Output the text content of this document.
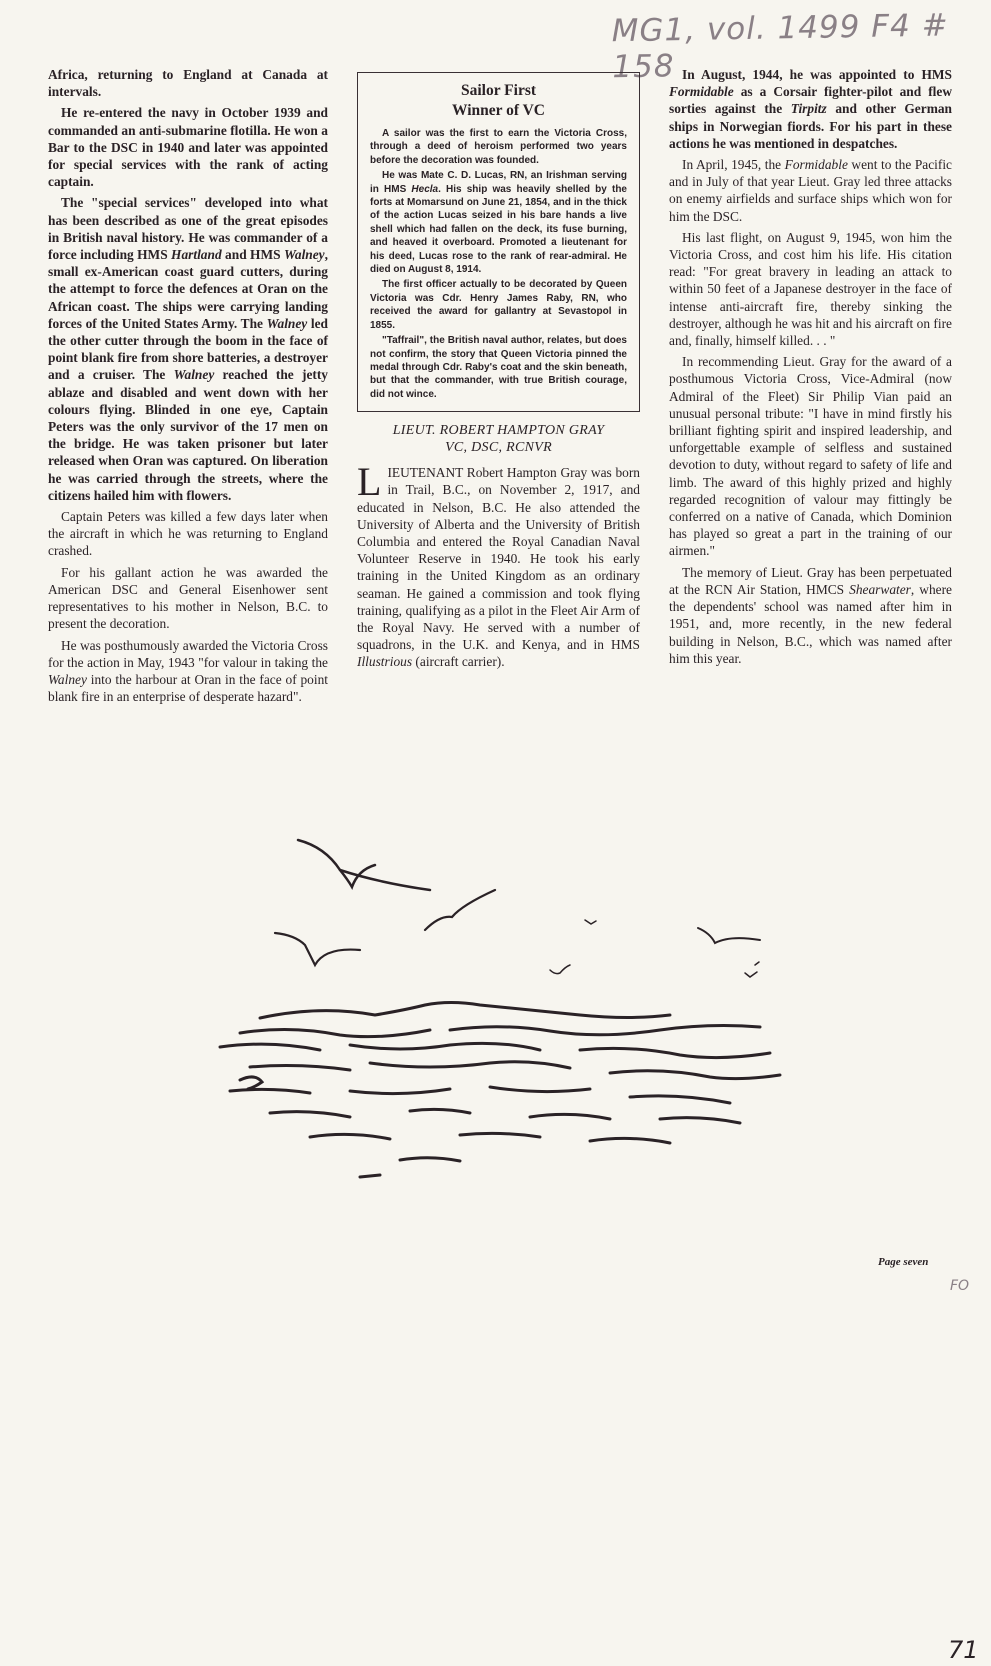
MG1, vol. 1499 F4 # 158

Africa, returning to England at Canada at intervals.

He re-entered the navy in October 1939 and commanded an anti-submarine flotilla. He won a Bar to the DSC in 1940 and later was appointed for special services with the rank of acting captain.

The "special services" developed into what has been described as one of the great episodes in British naval history. He was commander of a force including HMS Hartland and HMS Walney, small ex-American coast guard cutters, during the attempt to force the defences at Oran on the African coast. The ships were carrying landing forces of the United States Army. The Walney led the other cutter through the boom in the face of point blank fire from shore batteries, a destroyer and a cruiser. The Walney reached the jetty ablaze and disabled and went down with her colours flying. Blinded in one eye, Captain Peters was the only survivor of the 17 men on the bridge. He was taken prisoner but later released when Oran was captured. On liberation he was carried through the streets, where the citizens hailed him with flowers.

Captain Peters was killed a few days later when the aircraft in which he was returning to England crashed.

For his gallant action he was awarded the American DSC and General Eisenhower sent representatives to his mother in Nelson, B.C. to present the decoration.

He was posthumously awarded the Victoria Cross for the action in May, 1943 "for valour in taking the Walney into the harbour at Oran in the face of point blank fire in an enterprise of desperate hazard".

Sailor First
Winner of VC

A sailor was the first to earn the Victoria Cross, through a deed of heroism performed two years before the decoration was founded.

He was Mate C. D. Lucas, RN, an Irishman serving in HMS Hecla. His ship was heavily shelled by the forts at Momarsund on June 21, 1854, and in the thick of the action Lucas seized in his bare hands a live shell which had fallen on the deck, its fuse burning, and heaved it overboard. Promoted a lieutenant for his deed, Lucas rose to the rank of rear-admiral. He died on August 8, 1914.

The first officer actually to be decorated by Queen Victoria was Cdr. Henry James Raby, RN, who received the award for gallantry at Sevastopol in 1855.

"Taffrail", the British naval author, relates, but does not confirm, the story that Queen Victoria pinned the medal through Cdr. Raby's coat and the skin beneath, but that the commander, with true British courage, did not wince.

LIEUT. ROBERT HAMPTON GRAY
VC, DSC, RCNVR

LIEUTENANT Robert Hampton Gray was born in Trail, B.C., on November 2, 1917, and educated in Nelson, B.C. He also attended the University of Alberta and the University of British Columbia and entered the Royal Canadian Naval Volunteer Reserve in 1940. He took his early training in the United Kingdom as an ordinary seaman. He gained a commission and took flying training, qualifying as a pilot in the Fleet Air Arm of the Royal Navy. He served with a number of squadrons, in the U.K. and Kenya, and in HMS Illustrious (aircraft carrier).

In August, 1944, he was appointed to HMS Formidable as a Corsair fighter-pilot and flew sorties against the Tirpitz and other German ships in Norwegian fiords. For his part in these actions he was mentioned in despatches.

In April, 1945, the Formidable went to the Pacific and in July of that year Lieut. Gray led three attacks on enemy airfields and surface ships which won for him the DSC.

His last flight, on August 9, 1945, won him the Victoria Cross, and cost him his life. His citation read: "For great bravery in leading an attack to within 50 feet of a Japanese destroyer in the face of intense anti-aircraft fire, thereby sinking the destroyer, although he was hit and his aircraft on fire and, finally, himself killed. . . "

In recommending Lieut. Gray for the award of a posthumous Victoria Cross, Vice-Admiral (now Admiral of the Fleet) Sir Philip Vian paid an unusual personal tribute: "I have in mind firstly his brilliant fighting spirit and inspired leadership, and unforgettable example of selfless and sustained devotion to duty, without regard to safety of life and limb. The award of this highly prized and highly regarded recognition of valour may fittingly be conferred on a native of Canada, which Dominion has played so great a part in the training of our airmen."

The memory of Lieut. Gray has been perpetuated at the RCN Air Station, HMCS Shearwater, where the dependents' school was named after him in 1951, and, more recently, in the new federal building in Nelson, B.C., which was named after him this year.

Page seven
FO
71
